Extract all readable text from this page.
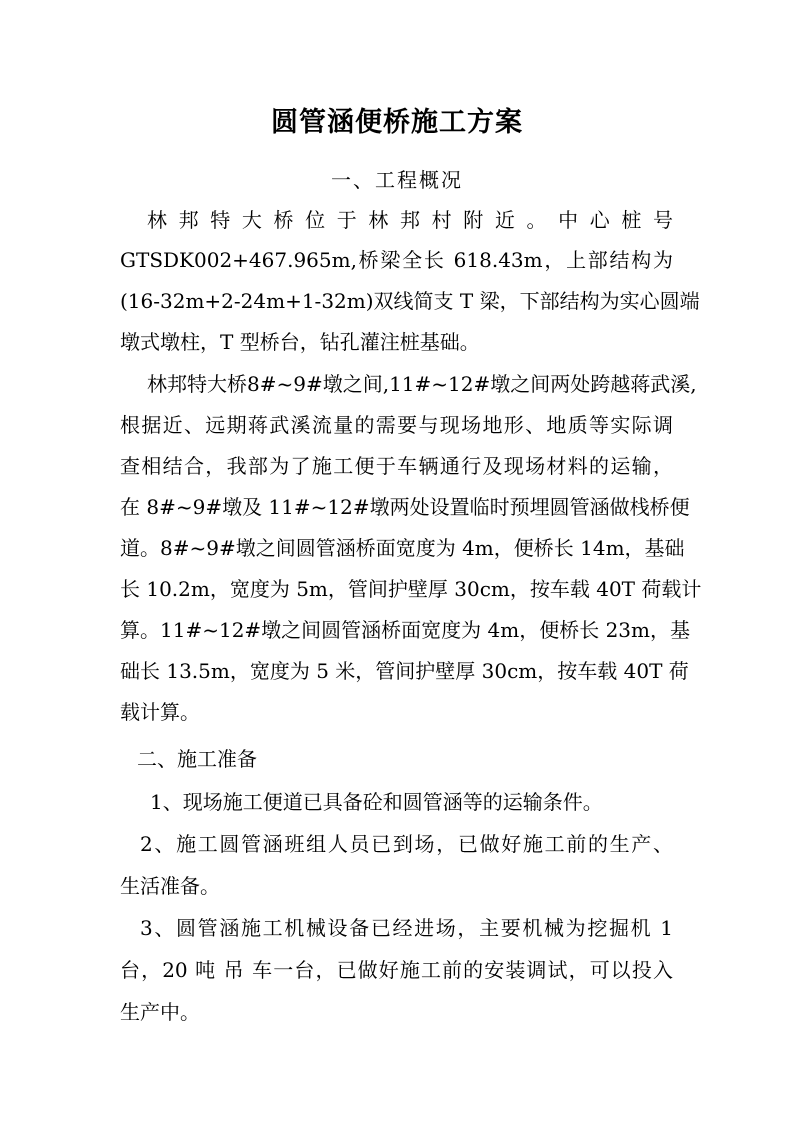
圆管涵便桥施工方案
一、工程概况
林邦特大桥位于林邦村附近。中心桩号
GTSDK002+467.965m,桥梁全长 618.43m，上部结构为
(16-32m+2-24m+1-32m)双线简支 T 梁，下部结构为实心圆端
墩式墩柱，T 型桥台，钻孔灌注桩基础。
林邦特大桥8#~9#墩之间,11#~12#墩之间两处跨越蒋武溪,
根据近、远期蒋武溪流量的需要与现场地形、地质等实际调
查相结合，我部为了施工便于车辆通行及现场材料的运输，
在 8#~9#墩及 11#~12#墩两处设置临时预埋圆管涵做栈桥便
道。8#~9#墩之间圆管涵桥面宽度为 4m，便桥长 14m，基础
长 10.2m，宽度为 5m，管间护壁厚 30cm，按车载 40T 荷载计
算。11#~12#墩之间圆管涵桥面宽度为 4m，便桥长 23m，基
础长 13.5m，宽度为 5 米，管间护壁厚 30cm，按车载 40T 荷
载计算。
二、施工准备
1、现场施工便道已具备砼和圆管涵等的运输条件。
2、施工圆管涵班组人员已到场，已做好施工前的生产、
生活准备。
3、圆管涵施工机械设备已经进场，主要机械为挖掘机 1
台，20 吨 吊 车一台，已做好施工前的安装调试，可以投入
生产中。
